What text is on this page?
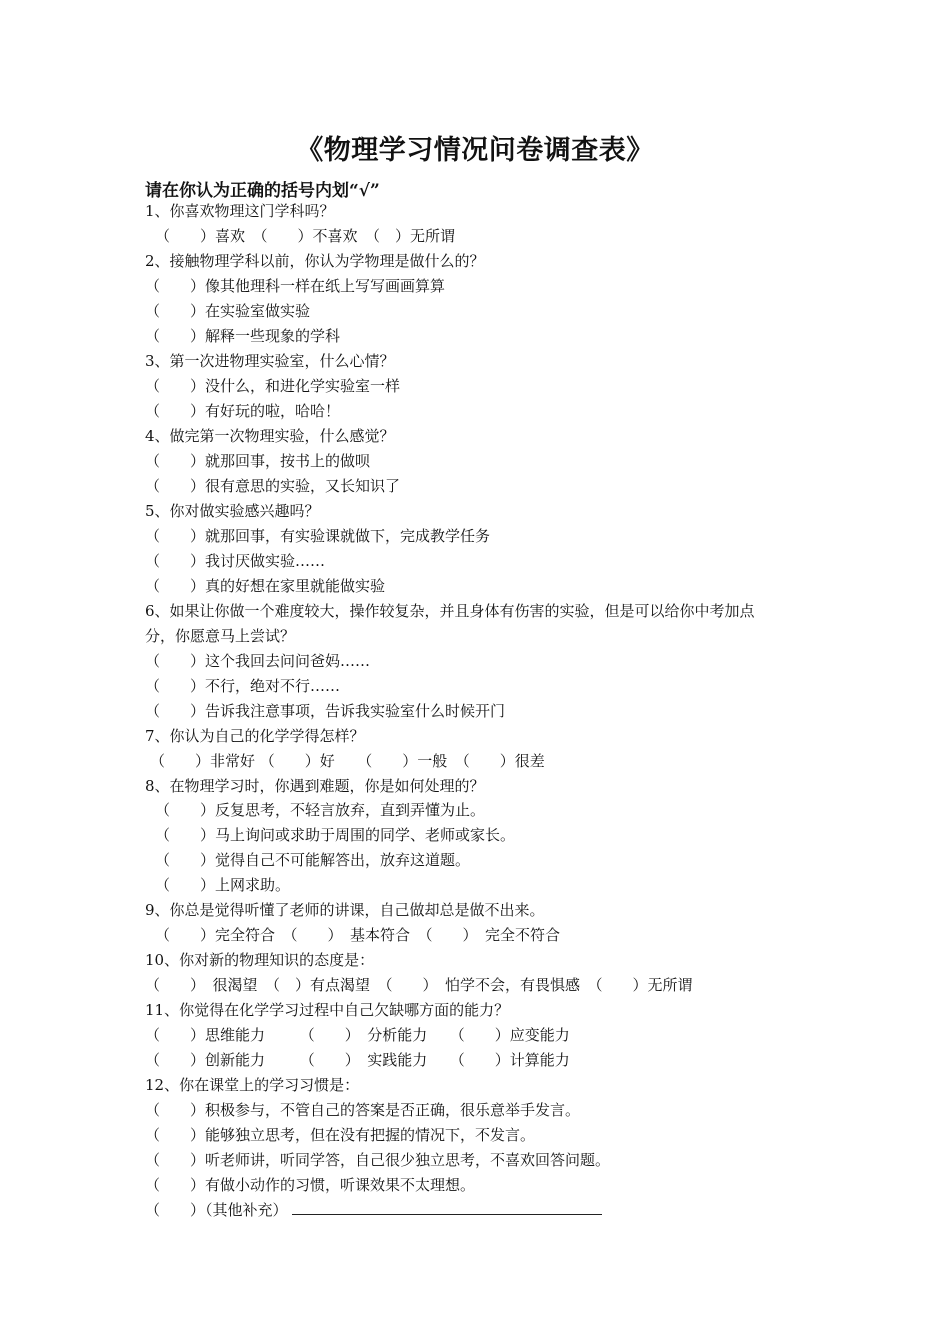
《物理学习情况问卷调查表》
请在你认为正确的括号内划“√”
1、你喜欢物理这门学科吗？
（　　）喜欢　（　　）不喜欢　（　）无所谓
2、接触物理学科以前，你认为学物理是做什么的？
（　　）像其他理科一样在纸上写写画画算算
（　　）在实验室做实验
（　　）解释一些现象的学科
3、第一次进物理实验室，什么心情？
（　　）没什么，和进化学实验室一样
（　　）有好玩的啦，哈哈！
4、做完第一次物理实验，什么感觉？
（　　）就那回事，按书上的做呗
（　　）很有意思的实验，又长知识了
5、你对做实验感兴趣吗？
（　　）就那回事，有实验课就做下，完成教学任务
（　　）我讨厌做实验……
（　　）真的好想在家里就能做实验
6、如果让你做一个难度较大，操作较复杂，并且身体有伤害的实验，但是可以给你中考加点
分，你愿意马上尝试？
（　　）这个我回去问问爸妈……
（　　）不行，绝对不行……
（　　）告诉我注意事项，告诉我实验室什么时候开门
7、你认为自己的化学学得怎样？
（　　）非常好 （　　）好　　（　　）一般　（　　）很差
8、在物理学习时，你遇到难题，你是如何处理的？
（　　）反复思考，不轻言放弃，直到弄懂为止。
（　　）马上询问或求助于周围的同学、老师或家长。
（　　）觉得自己不可能解答出，放弃这道题。
（　　）上网求助。
9、你总是觉得听懂了老师的讲课，自己做却总是做不出来。
（　　）完全符合　（　　）　基本符合　（　　）　完全不符合
10、你对新的物理知识的态度是：
（　　）　很渴望　（　）有点渴望　（　　）　怕学不会，有畏惧感　（　　）无所谓
11、你觉得在化学学习过程中自己欠缺哪方面的能力？
（　　）思维能力　　 （　　）　分析能力　　（　　）应变能力
（　　）创新能力　　 （　　）　实践能力　　（　　）计算能力
12、你在课堂上的学习习惯是：
（　　）积极参与，不管自己的答案是否正确，很乐意举手发言。
（　　）能够独立思考，但在没有把握的情况下，不发言。
（　　）听老师讲，听同学答，自己很少独立思考，不喜欢回答问题。
（　　）有做小动作的习惯，听课效果不太理想。
（　　）（其他补充）
